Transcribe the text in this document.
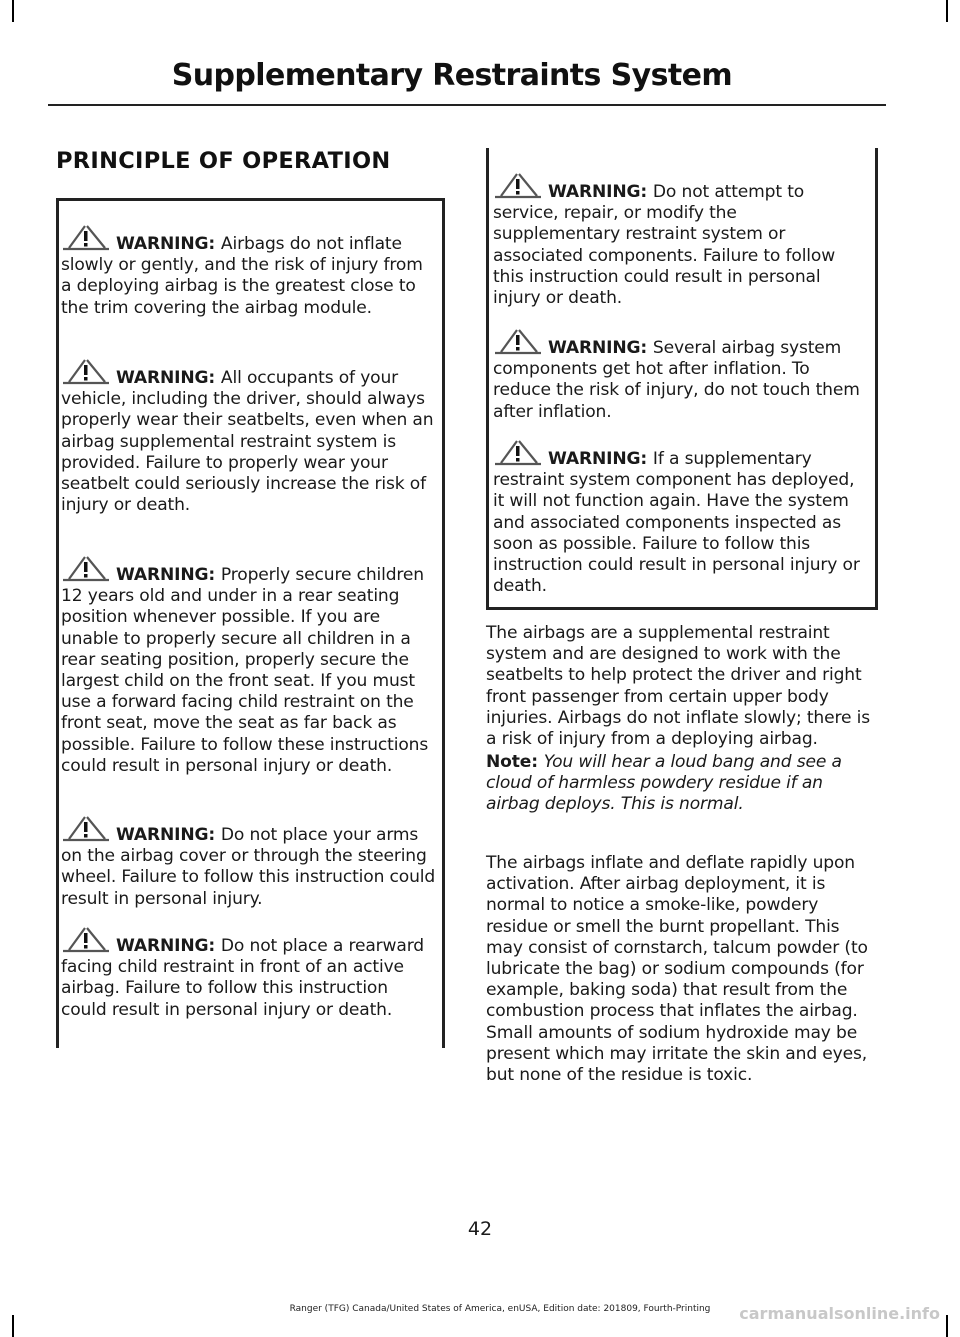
Supplementary Restraints System
PRINCIPLE OF OPERATION

WARNING: Airbags do not inflate slowly or gently, and the risk of injury from a deploying airbag is the greatest close to the trim covering the airbag module.

WARNING: All occupants of your vehicle, including the driver, should always properly wear their seatbelts, even when an airbag supplemental restraint system is provided. Failure to properly wear your seatbelt could seriously increase the risk of injury or death.

WARNING: Properly secure children 12 years old and under in a rear seating position whenever possible. If you are unable to properly secure all children in a rear seating position, properly secure the largest child on the front seat. If you must use a forward facing child restraint on the front seat, move the seat as far back as possible. Failure to follow these instructions could result in personal injury or death.

WARNING: Do not place your arms on the airbag cover or through the steering wheel. Failure to follow this instruction could result in personal injury.

WARNING: Do not place a rearward facing child restraint in front of an active airbag. Failure to follow this instruction could result in personal injury or death.

WARNING: Do not attempt to service, repair, or modify the supplementary restraint system or associated components. Failure to follow this instruction could result in personal injury or death.

WARNING: Several airbag system components get hot after inflation. To reduce the risk of injury, do not touch them after inflation.

WARNING: If a supplementary restraint system component has deployed, it will not function again. Have the system and associated components inspected as soon as possible. Failure to follow this instruction could result in personal injury or death.

The airbags are a supplemental restraint system and are designed to work with the seatbelts to help protect the driver and right front passenger from certain upper body injuries. Airbags do not inflate slowly; there is a risk of injury from a deploying airbag.

Note: You will hear a loud bang and see a cloud of harmless powdery residue if an airbag deploys. This is normal.

The airbags inflate and deflate rapidly upon activation. After airbag deployment, it is normal to notice a smoke-like, powdery residue or smell the burnt propellant. This may consist of cornstarch, talcum powder (to lubricate the bag) or sodium compounds (for example, baking soda) that result from the combustion process that inflates the airbag. Small amounts of sodium hydroxide may be present which may irritate the skin and eyes, but none of the residue is toxic.

42
Ranger (TFG) Canada/United States of America, enUSA, Edition date: 201809, Fourth-Printing	carmanualsonline.info
